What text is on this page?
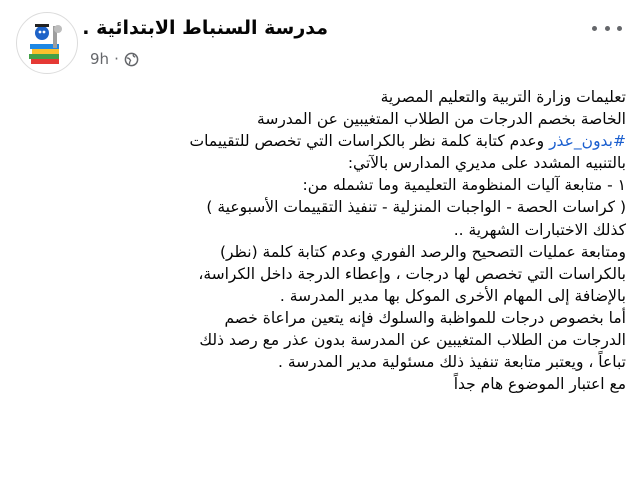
مدرسة السنباط الابتدائية .
9h ·
تعليمات وزارة التربية والتعليم المصرية
الخاصة بخصم الدرجات من الطلاب المتغيبين عن المدرسة
#بدون_عذر وعدم كتابة كلمة نظر بالكراسات التي تخصص للتقييمات
بالتنبيه المشدد على مديري المدارس بالآتي:
١ - متابعة آليات المنظومة التعليمية وما تشمله من:
( كراسات الحصة - الواجبات المنزلية - تنفيذ التقييمات الأسبوعية )
كذلك الاختبارات الشهرية ..
ومتابعة عمليات التصحيح والرصد الفوري وعدم كتابة كلمة (نظر)
بالكراسات التي تخصص لها درجات ، وإعطاء الدرجة داخل الكراسة،
بالإضافة إلى المهام الأخرى الموكل بها مدير المدرسة .
أما بخصوص درجات للمواظبة والسلوك فإنه يتعين مراعاة خصم
الدرجات من الطلاب المتغيبين عن المدرسة بدون عذر مع رصد ذلك
تباعاً ، ويعتبر متابعة تنفيذ ذلك مسئولية مدير المدرسة .
مع اعتبار الموضوع هام جداً
